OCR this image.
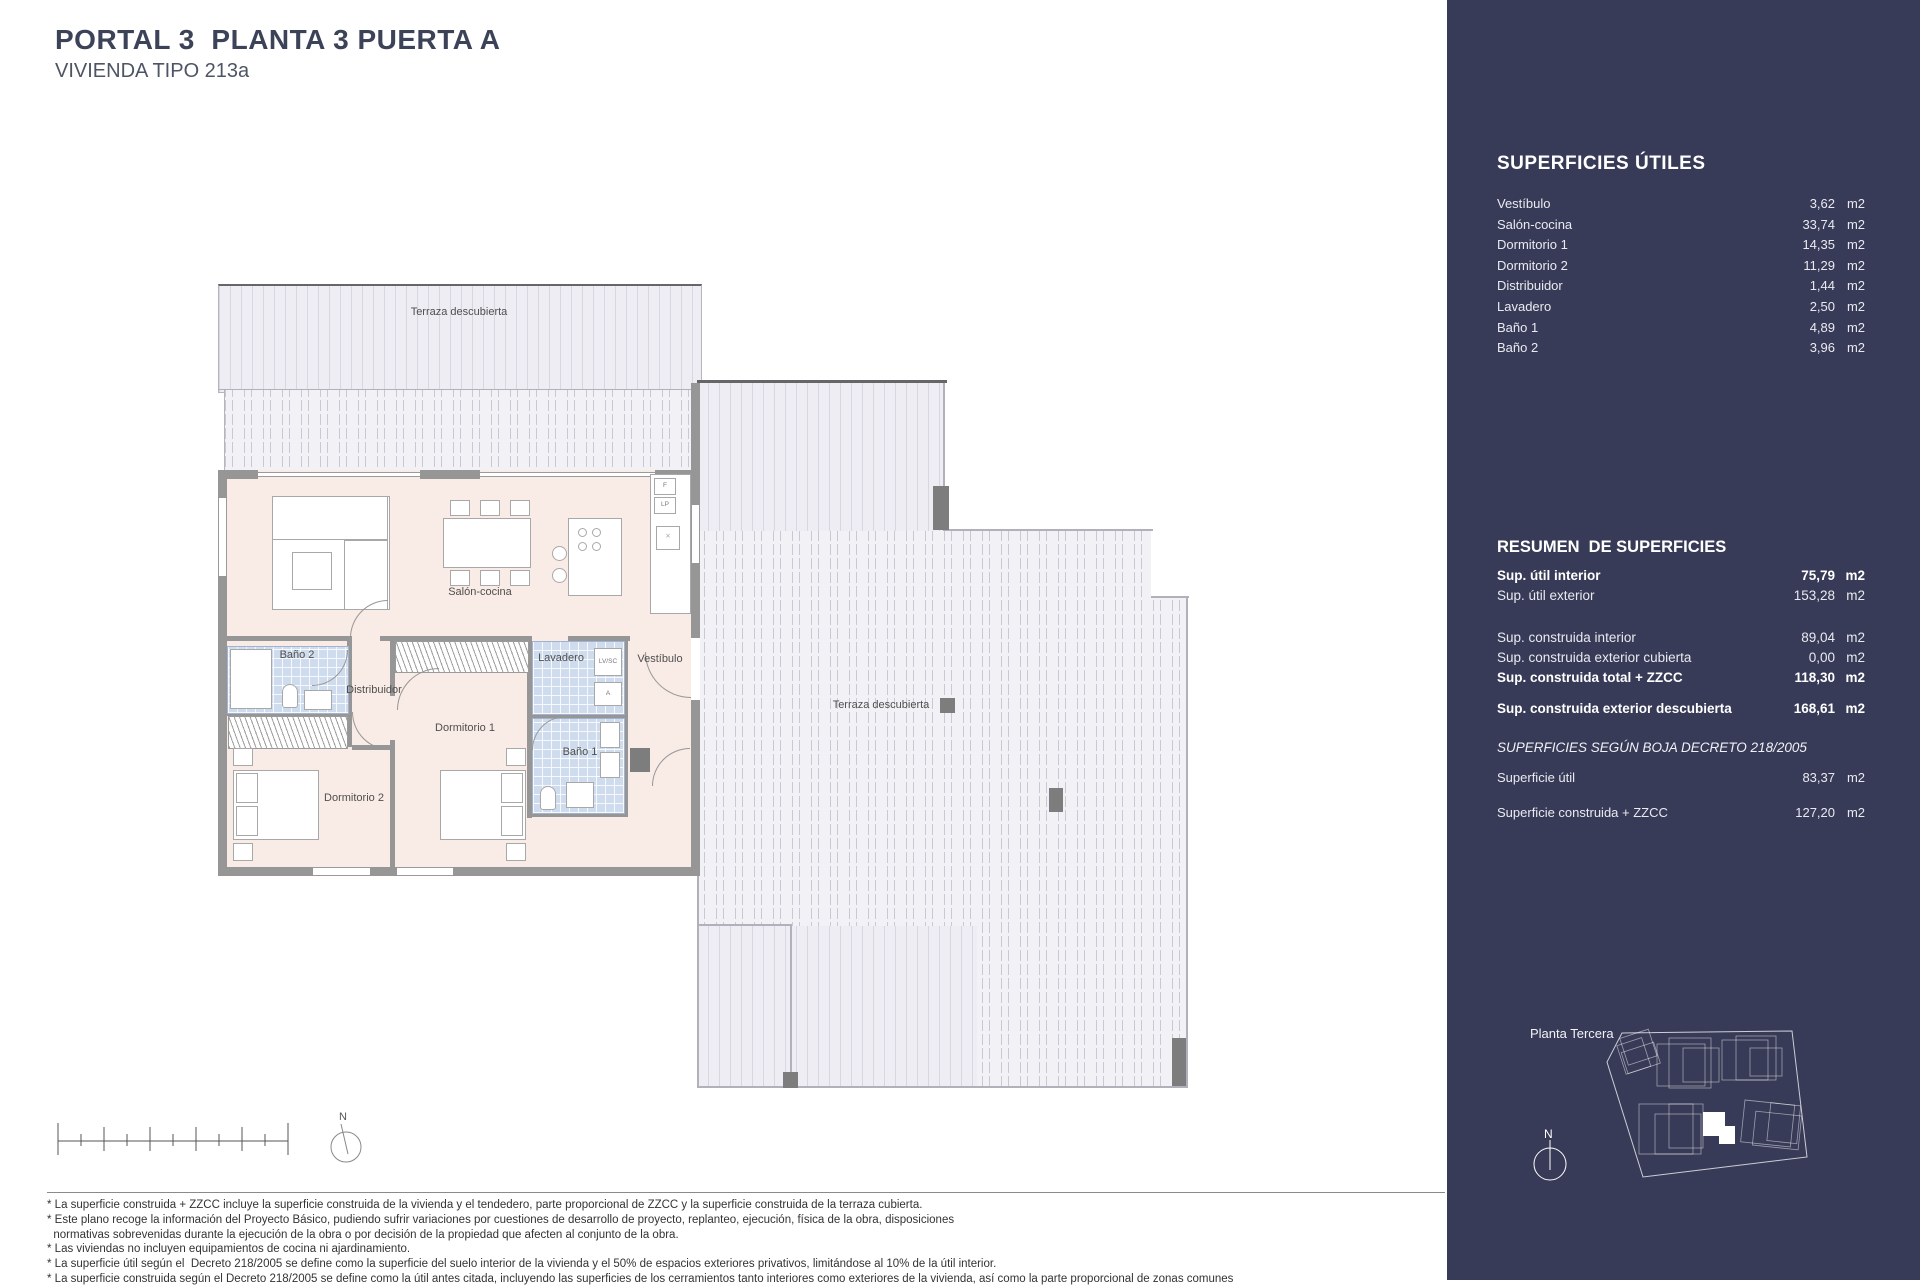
PORTAL 3  PLANTA 3 PUERTA A
VIVIENDA TIPO 213a
Terraza descubierta
Terraza descubierta
F
LP
✕
LV/SC
A
Salón-cocina
Baño 2
Distribuidor
Lavadero	Vestíbulo
Dormitorio 1
Baño 1
Dormitorio 2
N
SUPERFICIES ÚTILES
Vestíbulo	3,62 m2
Salón-cocina	33,74 m2
Dormitorio 1	14,35 m2
Dormitorio 2	11,29 m2
Distribuidor	1,44 m2
Lavadero	2,50 m2
Baño 1	4,89 m2
Baño 2	3,96 m2
RESUMEN  DE SUPERFICIES
Sup. útil interior	75,79 m2
Sup. útil exterior	153,28 m2
Sup. construida interior	89,04 m2
Sup. construida exterior cubierta	0,00 m2
Sup. construida total + ZZCC	118,30 m2
Sup. construida exterior descubierta	168,61 m2
SUPERFICIES SEGÚN BOJA DECRETO 218/2005
Superficie útil	83,37 m2
Superficie construida + ZZCC	127,20 m2
Planta Tercera
N
* La superficie construida + ZZCC incluye la superficie construida de la vivienda y el tendedero, parte proporcional de ZZCC y la superficie construida de la terraza cubierta.
* Este plano recoge la información del Proyecto Básico, pudiendo sufrir variaciones por cuestiones de desarrollo de proyecto, replanteo, ejecución, física de la obra, disposiciones
normativas sobrevenidas durante la ejecución de la obra o por decisión de la propiedad que afecten al conjunto de la obra.
* Las viviendas no incluyen equipamientos de cocina ni ajardinamiento.
* La superficie útil según el  Decreto 218/2005 se define como la superficie del suelo interior de la vivienda y el 50% de espacios exteriores privativos, limitándose al 10% de la útil interior.
* La superficie construida según el Decreto 218/2005 se define como la útil antes citada, incluyendo las superficies de los cerramientos tanto interiores como exteriores de la vivienda, así como la parte proporcional de zonas comunes
